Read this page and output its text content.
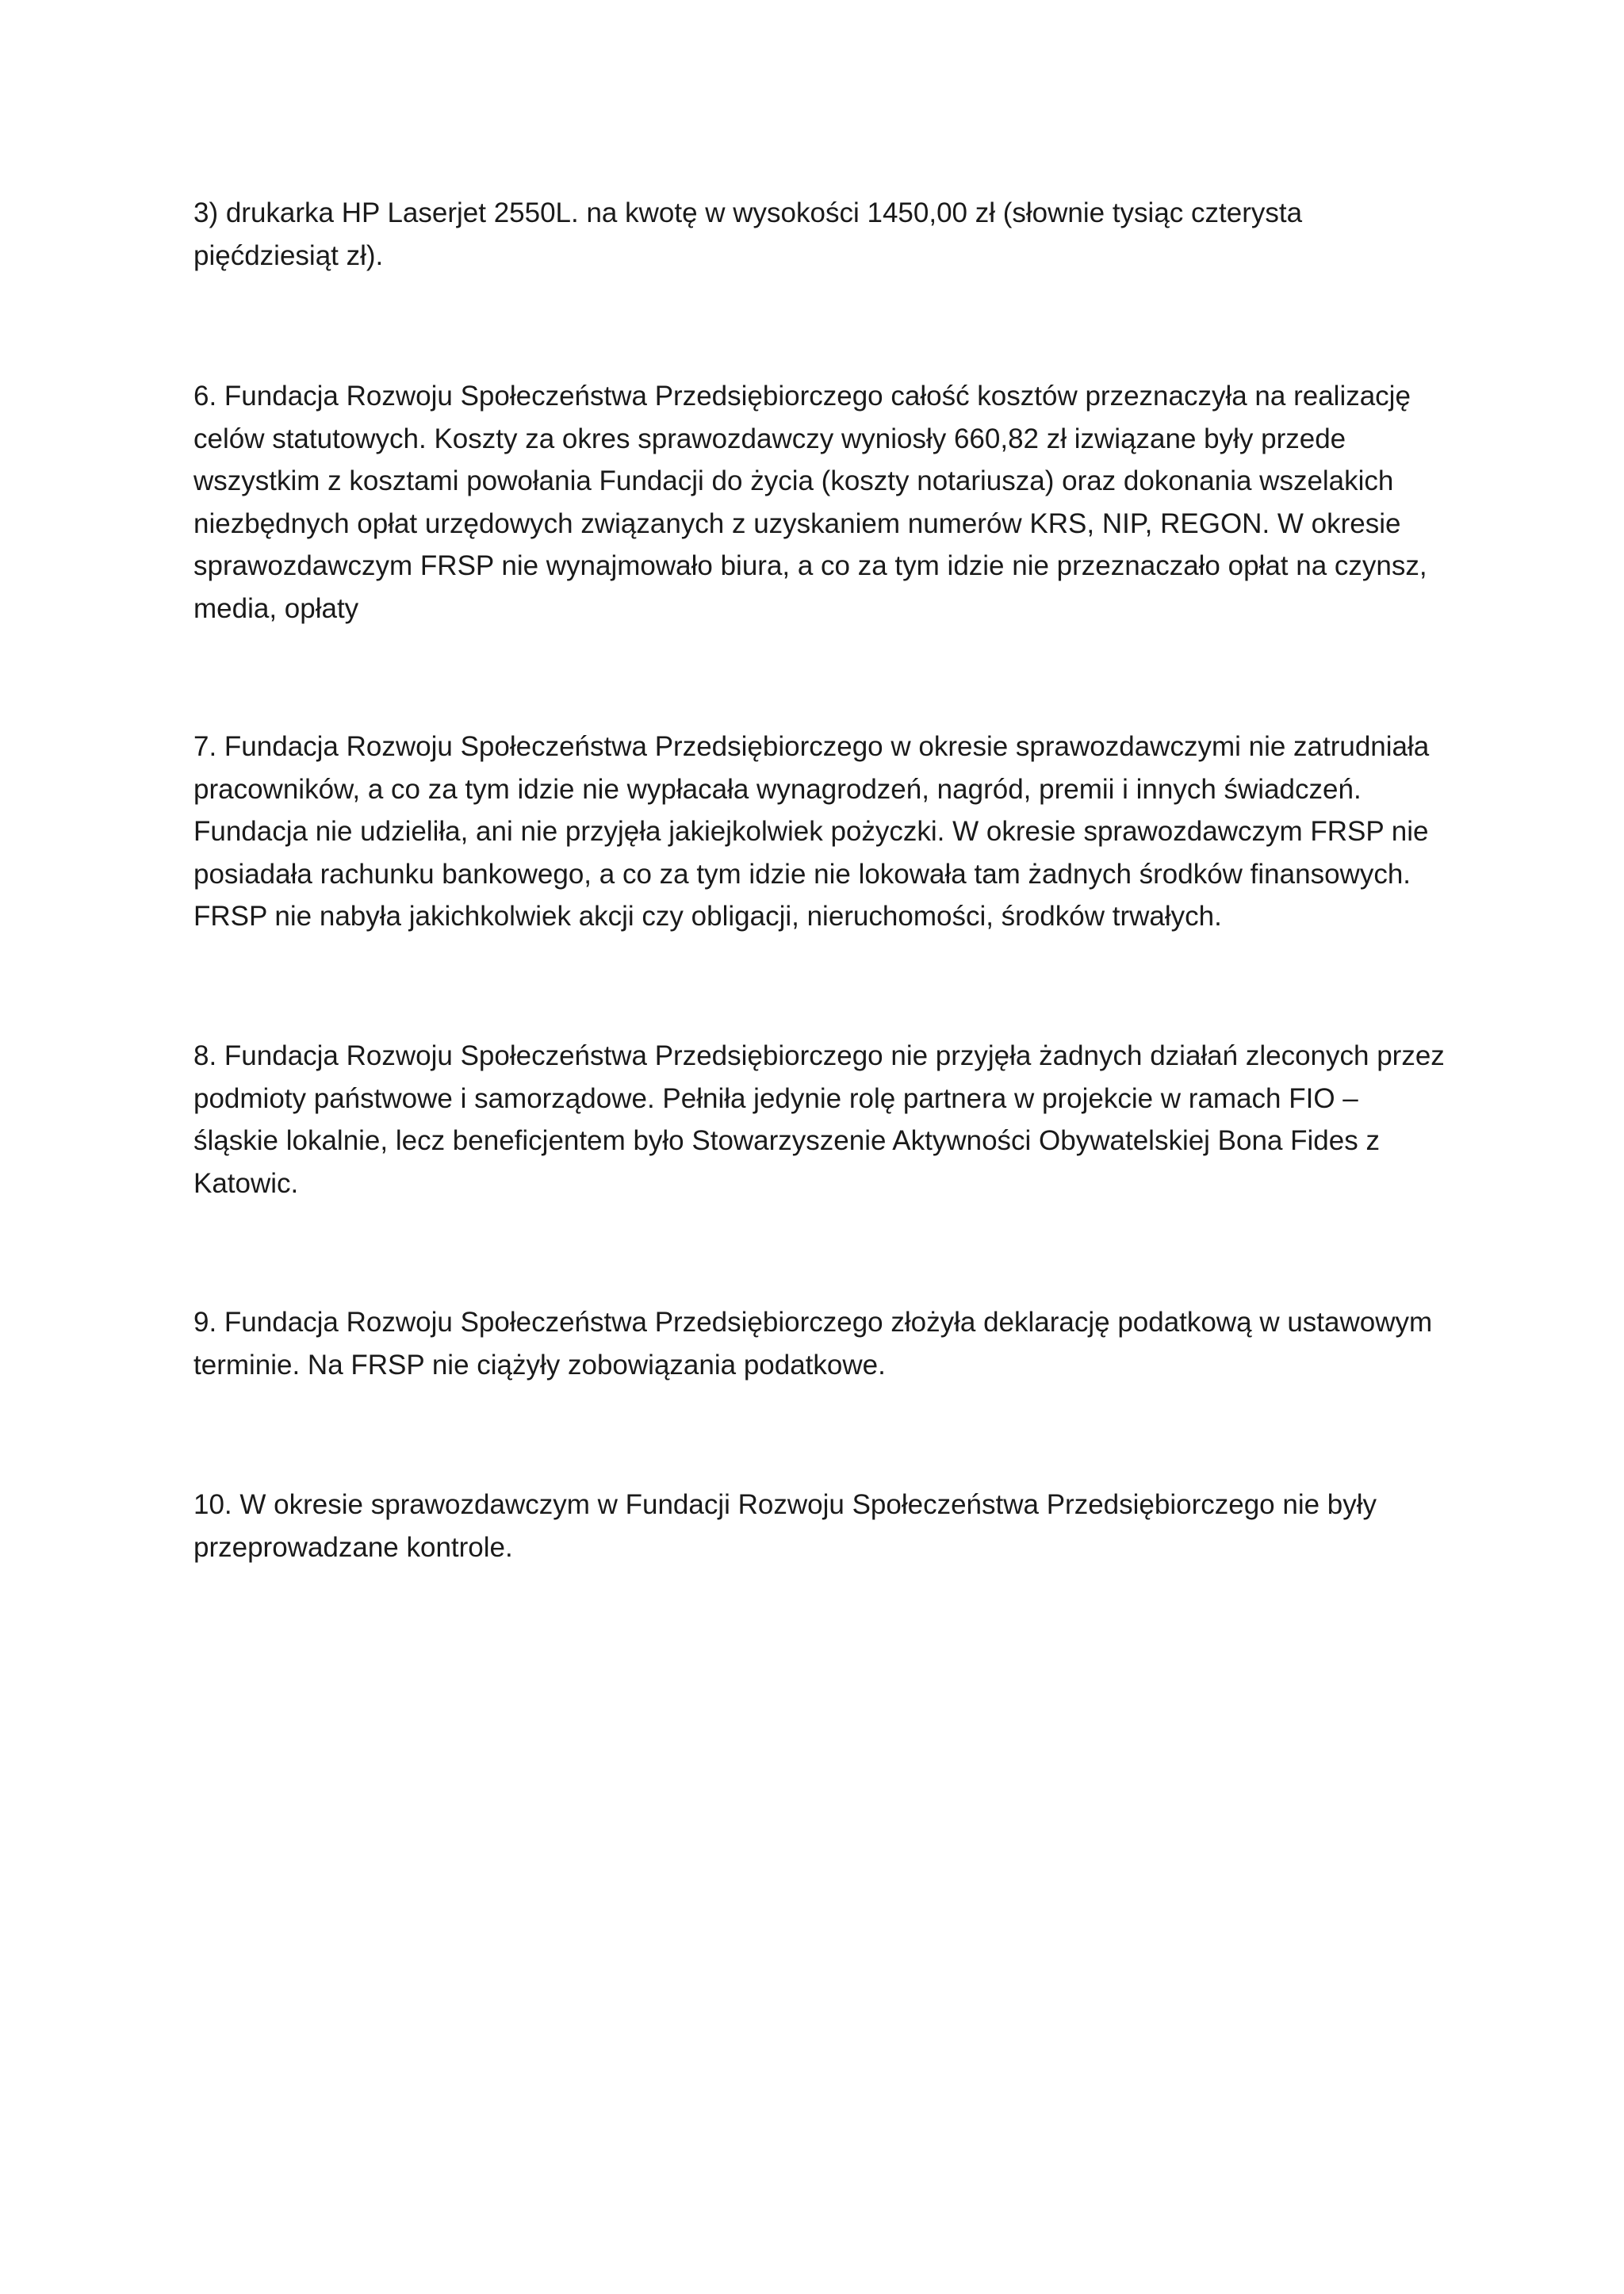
3) drukarka HP Laserjet 2550L. na kwotę w wysokości 1450,00 zł (słownie tysiąc czterysta
pięćdziesiąt zł).

6. Fundacja Rozwoju Społeczeństwa Przedsiębiorczego całość kosztów przeznaczyła na realizację
celów statutowych. Koszty za okres sprawozdawczy wyniosły 660,82 zł izwiązane były przede
wszystkim z kosztami powołania Fundacji do życia (koszty notariusza) oraz dokonania wszelakich
niezbędnych opłat urzędowych związanych z uzyskaniem numerów KRS, NIP, REGON. W okresie
sprawozdawczym FRSP nie wynajmowało biura, a co za tym idzie nie przeznaczało opłat na czynsz,
media, opłaty

7. Fundacja Rozwoju Społeczeństwa Przedsiębiorczego w okresie sprawozdawczymi nie zatrudniała
pracowników, a co za tym idzie nie wypłacała wynagrodzeń, nagród, premii i innych świadczeń.
Fundacja nie udzieliła, ani nie przyjęła jakiejkolwiek pożyczki. W okresie sprawozdawczym FRSP nie
posiadała rachunku bankowego, a co za tym idzie nie lokowała tam żadnych środków finansowych.
FRSP nie nabyła jakichkolwiek akcji czy obligacji, nieruchomości, środków trwałych.

8. Fundacja Rozwoju Społeczeństwa Przedsiębiorczego nie przyjęła żadnych działań zleconych przez
podmioty państwowe i samorządowe. Pełniła jedynie rolę partnera w projekcie w ramach FIO –
śląskie lokalnie, lecz beneficjentem było Stowarzyszenie Aktywności Obywatelskiej Bona Fides z
Katowic.

9. Fundacja Rozwoju Społeczeństwa Przedsiębiorczego złożyła deklarację podatkową w ustawowym
terminie. Na FRSP nie ciążyły zobowiązania podatkowe.

10. W okresie sprawozdawczym w Fundacji Rozwoju Społeczeństwa Przedsiębiorczego nie były
przeprowadzane kontrole.
